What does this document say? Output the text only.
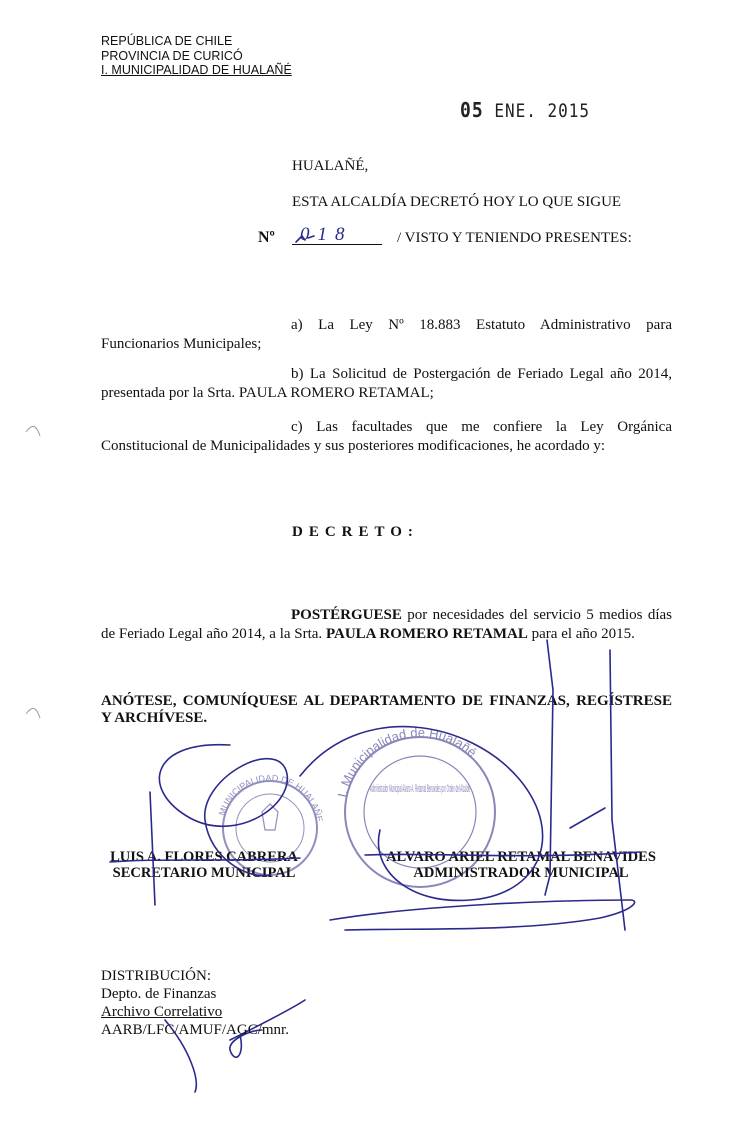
REPÚBLICA DE CHILE
PROVINCIA DE CURICÓ
I. MUNICIPALIDAD DE HUALAÑÉ
05 ENE. 2015
HUALAÑÉ,
ESTA ALCALDÍA DECRETÓ HOY LO QUE SIGUE
Nº 018	/ VISTO Y TENIENDO PRESENTES:

a) La Ley Nº 18.883 Estatuto Administrativo para

Funcionarios Municipales;

b) La Solicitud de Postergación de Feriado Legal año 2014,

presentada por la Srta. PAULA ROMERO RETAMAL;

c) Las facultades que me confiere la Ley Orgánica

Constitucional de Municipalidades y sus posteriores modificaciones, he acordado y:

DECRETO:

POSTÉRGUESE por necesidades del servicio 5 medios días

de Feriado Legal año 2014, a la Srta. PAULA ROMERO RETAMAL para el año 2015.

ANÓTESE, COMUNÍQUESE AL DEPARTAMENTO DE FINANZAS, REGÍSTRESE

Y ARCHÍVESE.

MUNICIPALIDAD DE HUALAÑE
I. Municipalidad de Hualañé
Administrador Municipal Alvaro A. Retamal Benavides por Orden del Alcalde
LUIS A. FLORES CABRERA
SECRETARIO MUNICIPAL
ALVARO ARIEL RETAMAL BENAVIDES
ADMINISTRADOR MUNICIPAL
DISTRIBUCIÓN:
Depto. de Finanzas
Archivo Correlativo
AARB/LFC/AMUF/AGC/mnr.
